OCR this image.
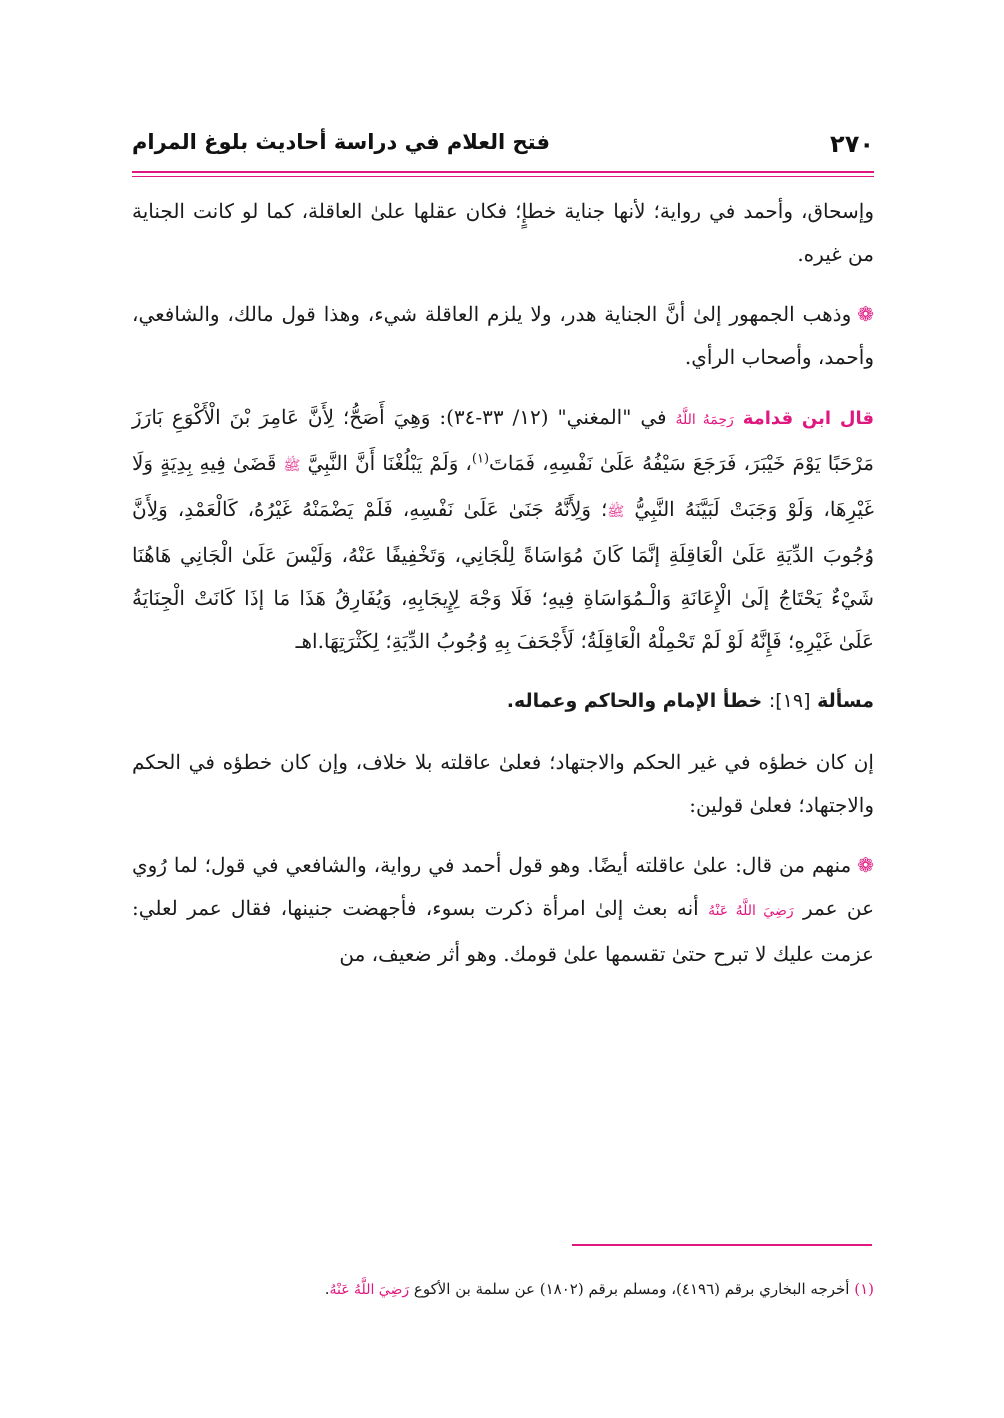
٢٧٠
فتح العلام في دراسة أحاديث بلوغ المرام

وإسحاق، وأحمد في رواية؛ لأنها جناية خطإٍ؛ فكان عقلها علىٰ العاقلة، كما لو كانت الجناية من غيره.

❁وذهب الجمهور إلىٰ أنَّ الجناية هدر، ولا يلزم العاقلة شيء، وهذا قول مالك، والشافعي، وأحمد، وأصحاب الرأي.

قال ابن قدامة رَحِمَهُ اللَّهُ في "المغني" (١٢/ ٣٣-٣٤): وَهِيَ أَصَحُّ؛ لِأَنَّ عَامِرَ بْنَ الْأَكْوَعِ بَارَزَ مَرْحَبًا يَوْمَ خَيْبَرَ، فَرَجَعَ سَيْفُهُ عَلَىٰ نَفْسِهِ، فَمَاتَ$^{(١)}$، وَلَمْ يَبْلُغْنَا أَنَّ النَّبِيَّ ﷺ قَضَىٰ فِيهِ بِدِيَةٍ وَلَا غَيْرِهَا، وَلَوْ وَجَبَتْ لَبَيَّنَهُ النَّبِيُّ ﷺ؛ وَلِأَنَّهُ جَنَىٰ عَلَىٰ نَفْسِهِ، فَلَمْ يَضْمَنْهُ غَيْرُهُ، كَالْعَمْدِ، وَلِأَنَّ وُجُوبَ الدِّيَةِ عَلَىٰ الْعَاقِلَةِ إنَّمَا كَانَ مُوَاسَاةً لِلْجَانِي، وَتَخْفِيفًا عَنْهُ، وَلَيْسَ عَلَىٰ الْجَانِي هَاهُنَا شَيْءٌ يَحْتَاجُ إلَىٰ الْإِعَانَةِ وَالْـمُوَاسَاةِ فِيهِ؛ فَلَا وَجْهَ لِإِيجَابِهِ، وَيُفَارِقُ هَذَا مَا إذَا كَانَتْ الْجِنَايَةُ عَلَىٰ غَيْرِهِ؛ فَإِنَّهُ لَوْ لَمْ تَحْمِلْهُ الْعَاقِلَةُ؛ لَأَجْحَفَ بِهِ وُجُوبُ الدِّيَةِ؛ لِكَثْرَتِهَا.اهـ

مسألة [١٩]: خطأ الإمام والحاكم وعماله.

إن كان خطؤه في غير الحكم والاجتهاد؛ فعلىٰ عاقلته بلا خلاف، وإن كان خطؤه في الحكم والاجتهاد؛ فعلىٰ قولين:

❁منهم من قال: علىٰ عاقلته أيضًا. وهو قول أحمد في رواية، والشافعي في قول؛ لما رُوي عن عمر رَضِيَ اللَّهُ عَنْهُ أنه بعث إلىٰ امرأة ذكرت بسوء، فأجهضت جنينها، فقال عمر لعلي: عزمت عليك لا تبرح حتىٰ تقسمها علىٰ قومك. وهو أثر ضعيف، من

(١) أخرجه البخاري برقم (٤١٩٦)، ومسلم برقم (١٨٠٢) عن سلمة بن الأكوع رَضِيَ اللَّهُ عَنْهُ.
